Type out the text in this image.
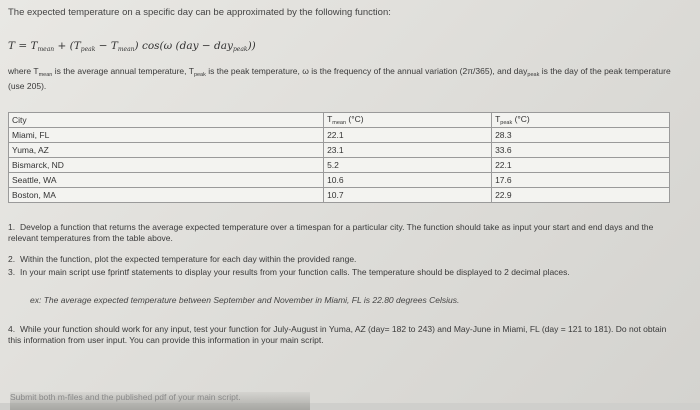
The expected temperature on a specific day can be approximated by the following function:
$T = T_{mean} + (T_{peak} - T_{mean})$ cos(ω (day − day$_{peak}$))
where $T_{mean}$ is the average annual temperature, $T_{peak}$ is the peak temperature, ω is the frequency of the annual variation (2π/365), and day$_{peak}$ is the day of the peak temperature (use 205).
City	$T_{mean}$ (°C)	$T_{peak}$ (°C)
Miami, FL	22.1	28.3
Yuma, AZ	23.1	33.6
Bismarck, ND	5.2	22.1
Seattle, WA	10.6	17.6
Boston, MA	10.7	22.9
1. Develop a function that returns the average expected temperature over a timespan for a particular city. The function should take as input your start and end days and the relevant temperatures from the table above.
2. Within the function, plot the expected temperature for each day within the provided range.
3. In your main script use fprintf statements to display your results from your function calls. The temperature should be displayed to 2 decimal places.
ex: The average expected temperature between September and November in Miami, FL is 22.80 degrees Celsius.
4. While your function should work for any input, test your function for July-August in Yuma, AZ (day= 182 to 243) and May-June in Miami, FL (day = 121 to 181). Do not obtain this information from user input. You can provide this information in your main script.
Submit both m-files and the published pdf of your main script.
